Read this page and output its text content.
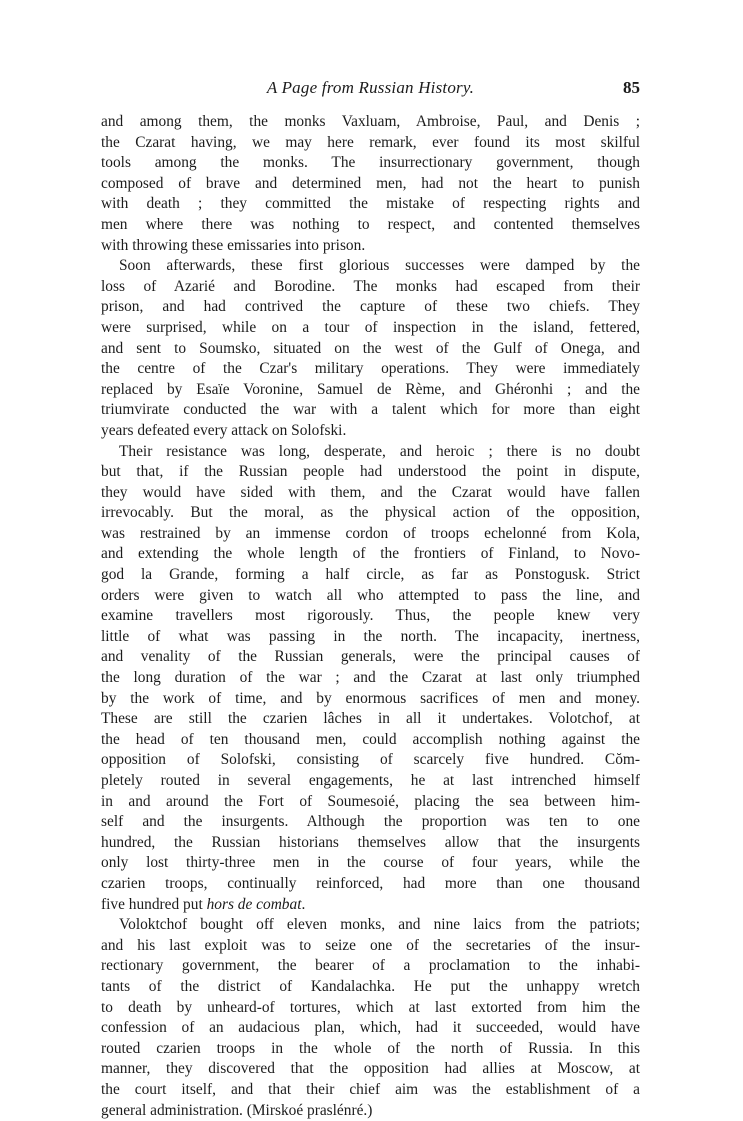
A Page from Russian History.	85
and among them, the monks Vaxluam, Ambroise, Paul, and Denis ;
the Czarat having, we may here remark, ever found its most skilful
tools among the monks. The insurrectionary government, though
composed of brave and determined men, had not the heart to punish
with death ; they committed the mistake of respecting rights and
men where there was nothing to respect, and contented themselves
with throwing these emissaries into prison.
Soon afterwards, these first glorious successes were damped by the
loss of Azarié and Borodine. The monks had escaped from their
prison, and had contrived the capture of these two chiefs. They
were surprised, while on a tour of inspection in the island, fettered,
and sent to Soumsko, situated on the west of the Gulf of Onega, and
the centre of the Czar's military operations. They were immediately
replaced by Esaïe Voronine, Samuel de Rème, and Ghéronhi ; and the
triumvirate conducted the war with a talent which for more than eight
years defeated every attack on Solofski.
Their resistance was long, desperate, and heroic ; there is no doubt
but that, if the Russian people had understood the point in dispute,
they would have sided with them, and the Czarat would have fallen
irrevocably. But the moral, as the physical action of the opposition,
was restrained by an immense cordon of troops echelonné from Kola,
and extending the whole length of the frontiers of Finland, to Novo-
god la Grande, forming a half circle, as far as Ponstogusk. Strict
orders were given to watch all who attempted to pass the line, and
examine travellers most rigorously. Thus, the people knew very
little of what was passing in the north. The incapacity, inertness,
and venality of the Russian generals, were the principal causes of
the long duration of the war ; and the Czarat at last only triumphed
by the work of time, and by enormous sacrifices of men and money.
These are still the czarien lâches in all it undertakes. Volotchof, at
the head of ten thousand men, could accomplish nothing against the
opposition of Solofski, consisting of scarcely five hundred. Cŏm-
pletely routed in several engagements, he at last intrenched himself
in and around the Fort of Soumesoié, placing the sea between him-
self and the insurgents. Although the proportion was ten to one
hundred, the Russian historians themselves allow that the insurgents
only lost thirty-three men in the course of four years, while the
czarien troops, continually reinforced, had more than one thousand
five hundred put hors de combat.
Voloktchof bought off eleven monks, and nine laics from the patriots;
and his last exploit was to seize one of the secretaries of the insur-
rectionary government, the bearer of a proclamation to the inhabi-
tants of the district of Kandalachka. He put the unhappy wretch
to death by unheard-of tortures, which at last extorted from him the
confession of an audacious plan, which, had it succeeded, would have
routed czarien troops in the whole of the north of Russia. In this
manner, they discovered that the opposition had allies at Moscow, at
the court itself, and that their chief aim was the establishment of a
general administration. (Mirskoé praslénré.)
